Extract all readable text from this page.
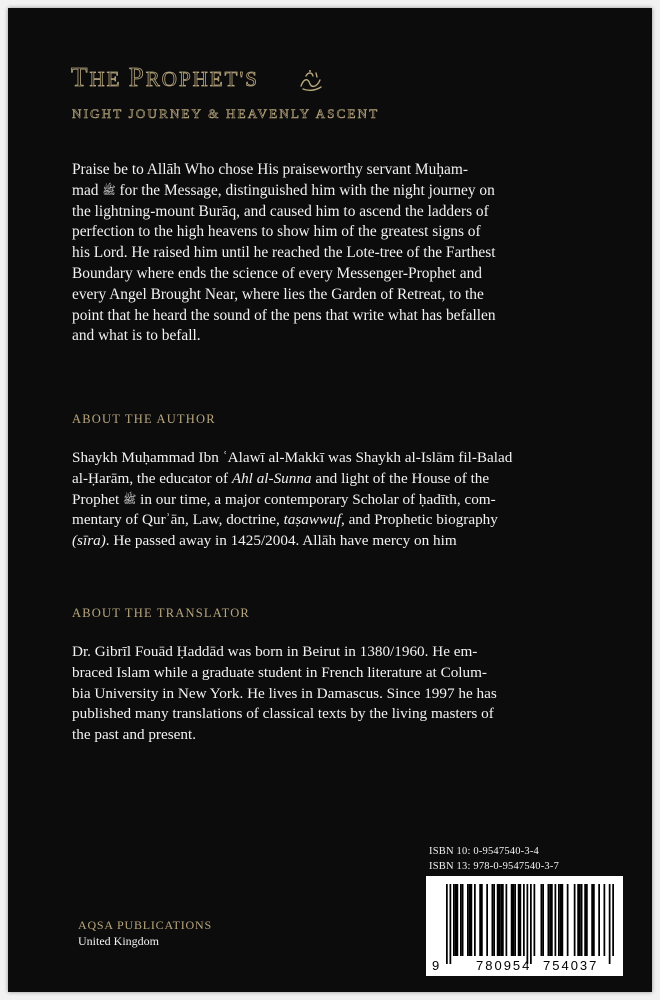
THE PROPHET'S
NIGHT JOURNEY & HEAVENLY ASCENT
Praise be to Allāh Who chose His praiseworthy servant Muḥam-
mad ﷺ for the Message, distinguished him with the night journey on
the lightning-mount Burāq, and caused him to ascend the ladders of
perfection to the high heavens to show him of the greatest signs of
his Lord. He raised him until he reached the Lote-tree of the Farthest
Boundary where ends the science of every Messenger-Prophet and
every Angel Brought Near, where lies the Garden of Retreat, to the
point that he heard the sound of the pens that write what has befallen
and what is to befall.
ABOUT THE AUTHOR
Shaykh Muḥammad Ibn ʿAlawī al-Makkī was Shaykh al-Islām fil-Balad
al-Ḥarām, the educator of Ahl al-Sunna and light of the House of the
Prophet ﷺ in our time, a major contemporary Scholar of ḥadīth, com-
mentary of Qurʾān, Law, doctrine, taṣawwuf, and Prophetic biography
(sīra). He passed away in 1425/2004. Allāh have mercy on him
ABOUT THE TRANSLATOR
Dr. Gibrīl Fouād Ḥaddād was born in Beirut in 1380/1960. He em-
braced Islam while a graduate student in French literature at Colum-
bia University in New York. He lives in Damascus. Since 1997 he has
published many translations of classical texts by the living masters of
the past and present.
ISBN 10: 0-9547540-3-4
ISBN 13: 978-0-9547540-3-7
9	780954 754037
AQSA PUBLICATIONS
United Kingdom
